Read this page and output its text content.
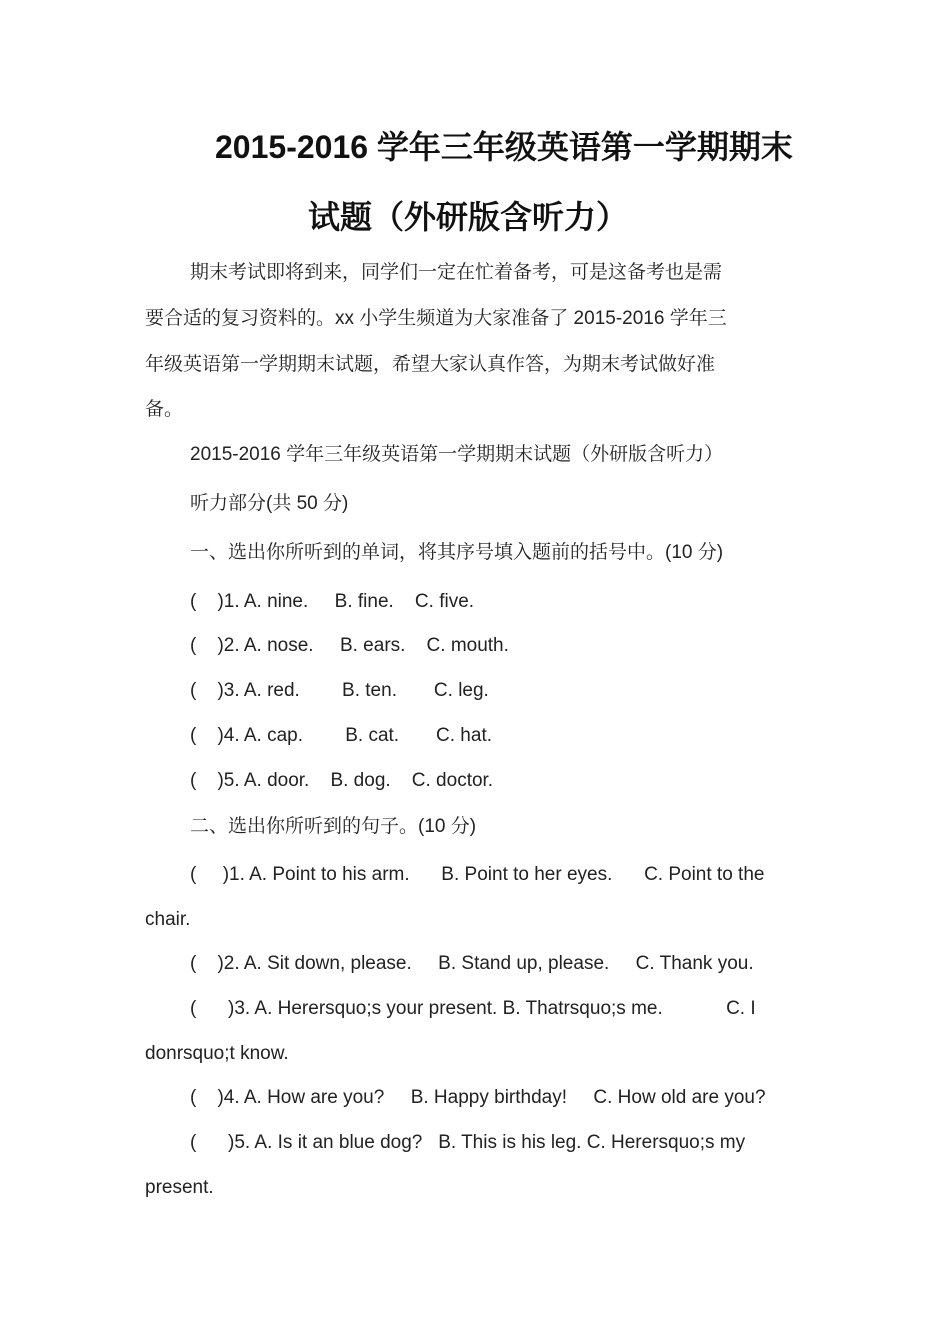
2015-2016 学年三年级英语第一学期期末
试题（外研版含听力）
期末考试即将到来，同学们一定在忙着备考，可是这备考也是需
要合适的复习资料的。xx 小学生频道为大家准备了 2015-2016 学年三
年级英语第一学期期末试题，希望大家认真作答，为期末考试做好准
备。
2015-2016 学年三年级英语第一学期期末试题（外研版含听力）
听力部分(共 50 分)
一、选出你所听到的单词，将其序号填入题前的括号中。(10 分)
(    )1. A. nine.     B. fine.    C. five.
(    )2. A. nose.     B. ears.    C. mouth.
(    )3. A. red.        B. ten.       C. leg.
(    )4. A. cap.        B. cat.       C. hat.
(    )5. A. door.    B. dog.    C. doctor.
二、选出你所听到的句子。(10 分)
(     )1. A. Point to his arm.      B. Point to her eyes.      C. Point to the
chair.
(    )2. A. Sit down, please.     B. Stand up, please.     C. Thank you.
(      )3. A. Herersquo;s your present. B. Thatrsquo;s me.            C. I
donrsquo;t know.
(    )4. A. How are you?     B. Happy birthday!     C. How old are you?
(      )5. A. Is it an blue dog?   B. This is his leg. C. Herersquo;s my
present.
